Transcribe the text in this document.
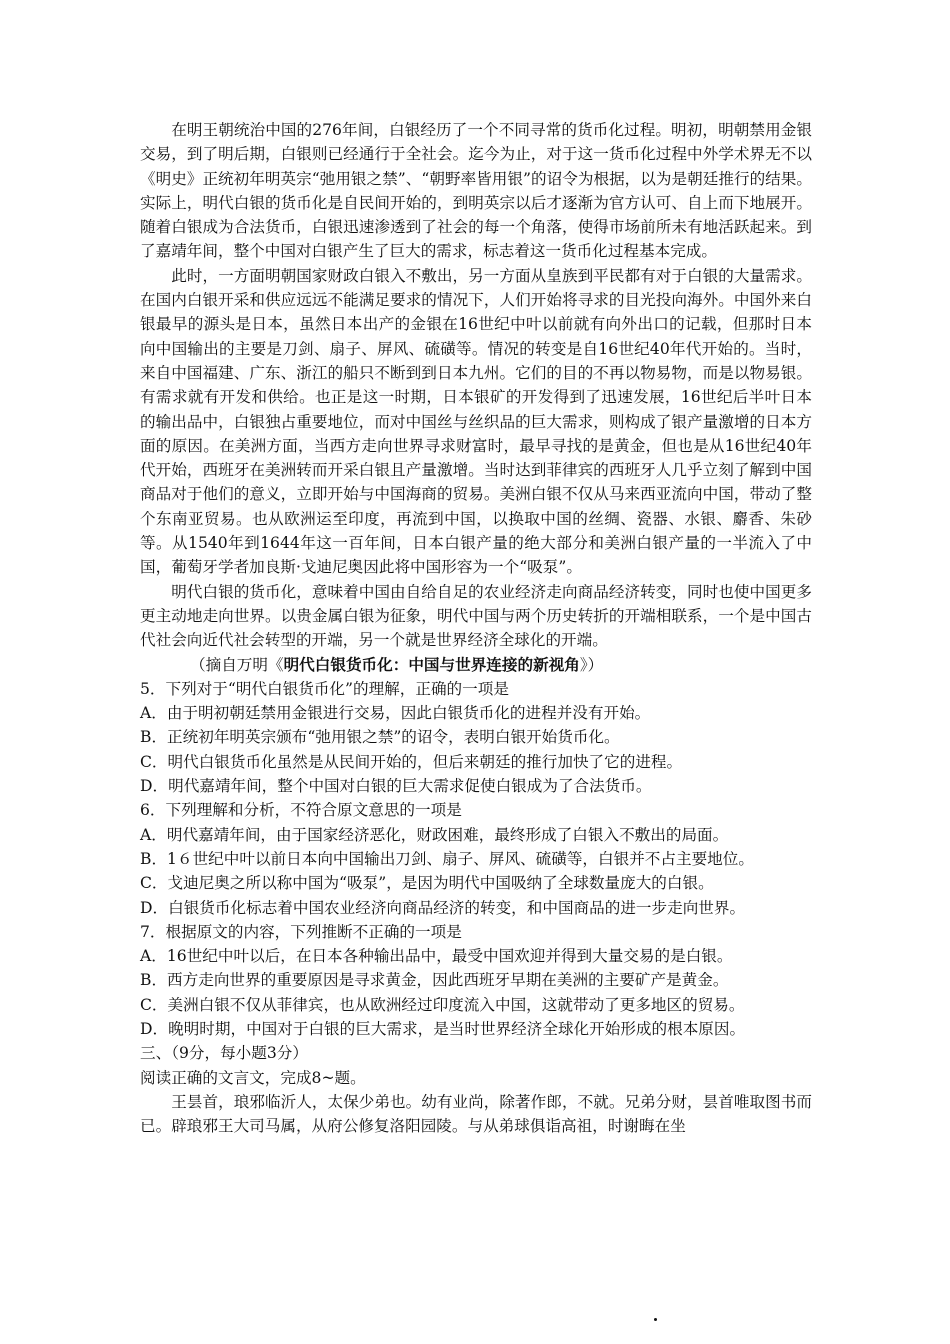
在明王朝统治中国的276年间，白银经历了一个不同寻常的货币化过程。明初，明朝禁用金银交易，到了明后期，白银则已经通行于全社会。迄今为止，对于这一货币化过程中外学术界无不以《明史》正统初年明英宗“弛用银之禁”、“朝野率皆用银”的诏令为根据，以为是朝廷推行的结果。实际上，明代白银的货币化是自民间开始的，到明英宗以后才逐渐为官方认可、自上而下地展开。随着白银成为合法货币，白银迅速渗透到了社会的每一个角落，使得市场前所未有地活跃起来。到了嘉靖年间，整个中国对白银产生了巨大的需求，标志着这一货币化过程基本完成。

此时，一方面明朝国家财政白银入不敷出，另一方面从皇族到平民都有对于白银的大量需求。在国内白银开采和供应远远不能满足要求的情况下，人们开始将寻求的目光投向海外。中国外来白银最早的源头是日本，虽然日本出产的金银在16世纪中叶以前就有向外出口的记载，但那时日本向中国输出的主要是刀剑、扇子、屏风、硫磺等。情况的转变是自16世纪40年代开始的。当时，来自中国福建、广东、浙江的船只不断到到日本九州。它们的目的不再以物易物，而是以物易银。有需求就有开发和供给。也正是这一时期，日本银矿的开发得到了迅速发展，16世纪后半叶日本的输出品中，白银独占重要地位，而对中国丝与丝织品的巨大需求，则构成了银产量激增的日本方面的原因。在美洲方面，当西方走向世界寻求财富时，最早寻找的是黄金，但也是从16世纪40年代开始，西班牙在美洲转而开采白银且产量激增。当时达到菲律宾的西班牙人几乎立刻了解到中国商品对于他们的意义，立即开始与中国海商的贸易。美洲白银不仅从马来西亚流向中国，带动了整个东南亚贸易。也从欧洲运至印度，再流到中国，以换取中国的丝绸、瓷器、水银、麝香、朱砂等。从1540年到1644年这一百年间，日本白银产量的绝大部分和美洲白银产量的一半流入了中国，葡萄牙学者加良斯·戈迪尼奥因此将中国形容为一个“吸泵”。

明代白银的货币化，意味着中国由自给自足的农业经济走向商品经济转变，同时也使中国更多更主动地走向世界。以贵金属白银为征象，明代中国与两个历史转折的开端相联系，一个是中国古代社会向近代社会转型的开端，另一个就是世界经济全球化的开端。

（摘自万明《明代白银货币化：中国与世界连接的新视角》）

5．下列对于“明代白银货币化”的理解，正确的一项是

A．由于明初朝廷禁用金银进行交易，因此白银货币化的进程并没有开始。

B．正统初年明英宗颁布“弛用银之禁”的诏令，表明白银开始货币化。

C．明代白银货币化虽然是从民间开始的，但后来朝廷的推行加快了它的进程。

D．明代嘉靖年间，整个中国对白银的巨大需求促使白银成为了合法货币。

6．下列理解和分析，不符合原文意思的一项是

A．明代嘉靖年间，由于国家经济恶化，财政困难，最终形成了白银入不敷出的局面。

B．1６世纪中叶以前日本向中国输出刀剑、扇子、屏风、硫磺等，白银并不占主要地位。

C．戈迪尼奥之所以称中国为“吸泵”，是因为明代中国吸纳了全球数量庞大的白银。

D．白银货币化标志着中国农业经济向商品经济的转变，和中国商品的进一步走向世界。

7．根据原文的内容，下列推断不正确的一项是

A．16世纪中叶以后，在日本各种输出品中，最受中国欢迎并得到大量交易的是白银。

B．西方走向世界的重要原因是寻求黄金，因此西班牙早期在美洲的主要矿产是黄金。

C．美洲白银不仅从菲律宾，也从欧洲经过印度流入中国，这就带动了更多地区的贸易。

D．晚明时期，中国对于白银的巨大需求，是当时世界经济全球化开始形成的根本原因。

三、（9分，每小题3分）

阅读正确的文言文，完成8~题。

王昙首，琅邪临沂人，太保少弟也。幼有业尚，除著作郎，不就。兄弟分财，昙首唯取图书而已。辟琅邪王大司马属，从府公修复洛阳园陵。与从弟球俱诣高祖，时谢晦在坐
